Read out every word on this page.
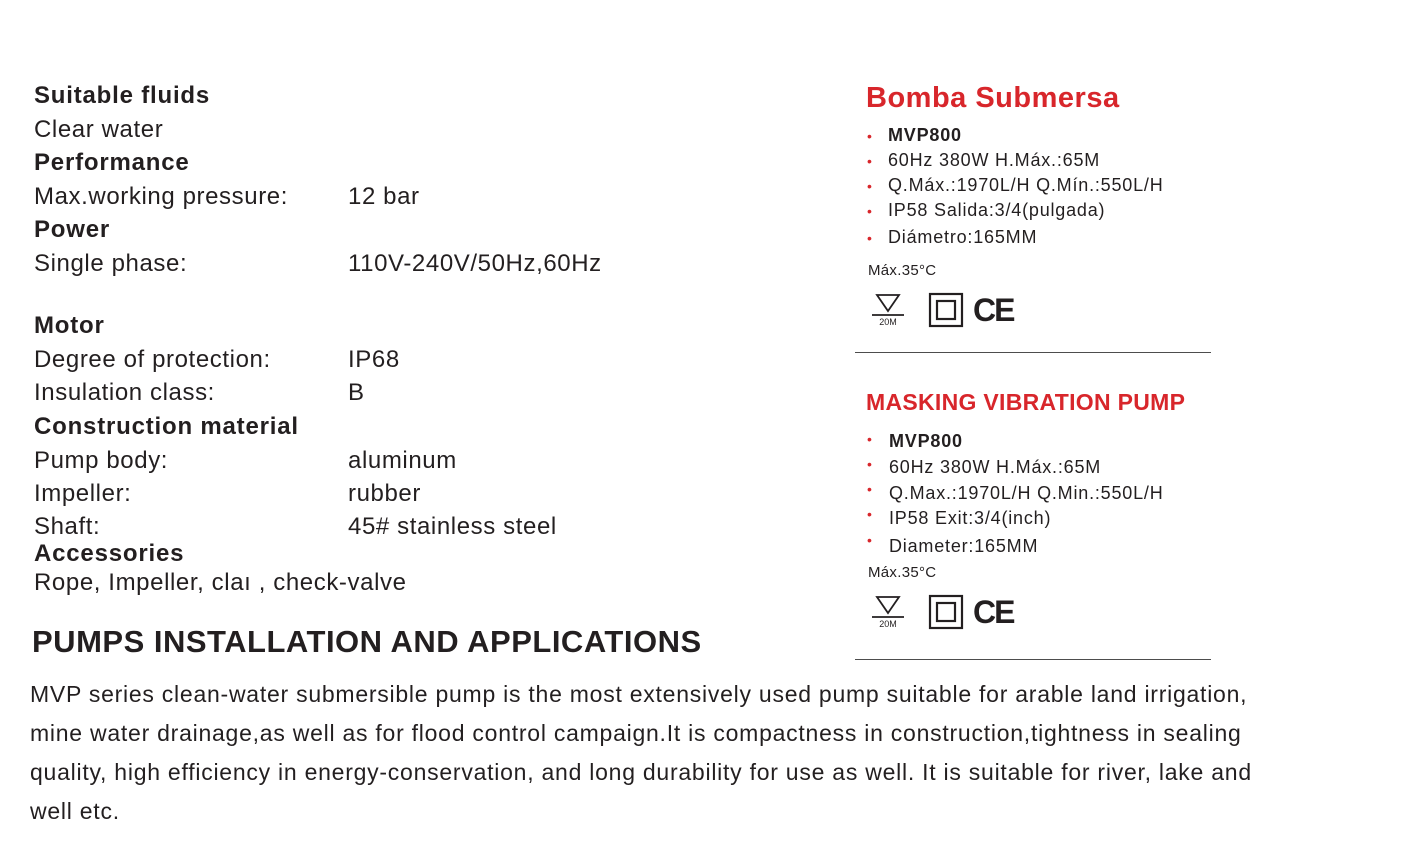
Suitable fluids
Clear water
Performance
Max.working pressure: 12 bar
Power
Single phase:	110V-240V/50Hz,60Hz
Motor
Degree of protection:	IP68
Insulation class:	B
Construction material
Pump body:	aluminum
Impeller:	rubber
Shaft:	45# stainless steel
Accessories
Rope, Impeller, claı , check-valve
PUMPS INSTALLATION AND APPLICATIONS
MVP series clean-water submersible pump is the most extensively used pump suitable for arable land irrigation,
mine water drainage,as well as for flood control campaign.It is compactness in construction,tightness in sealing
quality, high efficiency in energy-conservation, and long durability for use as well. It is suitable for river, lake and
well etc.
Bomba Submersa
• MVP800
• 60Hz 380W H.Máx.:65M
• Q.Máx.:1970L/H Q.Mín.:550L/H
• IP58 Salida:3/4(pulgada)
• Diámetro:165MM
Máx.35°C
20M CE
MASKING VIBRATION PUMP
• MVP800
• 60Hz 380W H.Máx.:65M
• Q.Max.:1970L/H Q.Min.:550L/H
• IP58 Exit:3/4(inch)
• Diameter:165MM
Máx.35°C
20M CE
